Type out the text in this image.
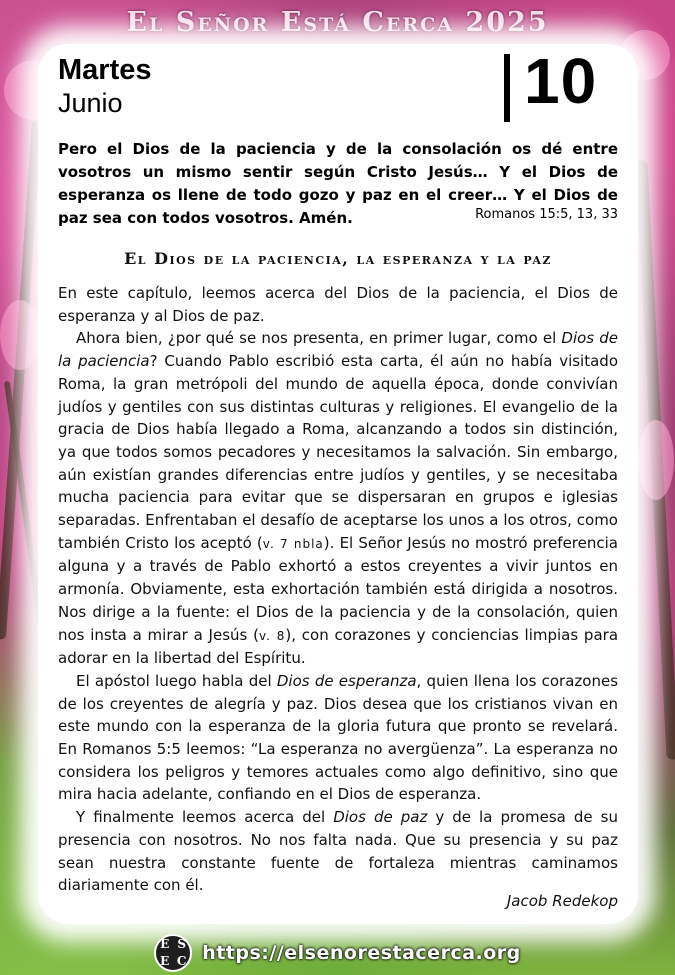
El Señor Está Cerca 2025
Martes
Junio	10
Pero el Dios de la paciencia y de la consolación os dé entre vosotros un mismo sentir según Cristo Jesús… Y el Dios de esperanza os llene de todo gozo y paz en el creer… Y el Dios de paz sea con todos vosotros. Amén.	Romanos 15:5, 13, 33
El Dios de la paciencia, la esperanza y la paz

En este capítulo, leemos acerca del Dios de la paciencia, el Dios de esperanza y al Dios de paz.

Ahora bien, ¿por qué se nos presenta, en primer lugar, como el Dios de la paciencia? Cuando Pablo escribió esta carta, él aún no había visitado Roma, la gran metrópoli del mundo de aquella época, donde convivían judíos y gentiles con sus distintas culturas y religiones. El evangelio de la gracia de Dios había llegado a Roma, alcanzando a todos sin distinción, ya que todos somos pecadores y necesitamos la salvación. Sin embargo, aún existían grandes diferencias entre judíos y gentiles, y se necesitaba mucha paciencia para evitar que se dispersaran en grupos e iglesias separadas. Enfrentaban el desafío de aceptarse los unos a los otros, como también Cristo los aceptó (v. 7 nbla). El Señor Jesús no mostró preferencia alguna y a través de Pablo exhortó a estos creyentes a vivir juntos en armonía. Obviamente, esta exhortación también está dirigida a nosotros. Nos dirige a la fuente: el Dios de la paciencia y de la consolación, quien nos insta a mirar a Jesús (v. 8), con corazones y conciencias limpias para adorar en la libertad del Espíritu.

El apóstol luego habla del Dios de esperanza, quien llena los corazones de los creyentes de alegría y paz. Dios desea que los cristianos vivan en este mundo con la esperanza de la gloria futura que pronto se revelará. En Romanos 5:5 leemos: “La esperanza no avergüenza”. La esperanza no considera los peligros y temores actuales como algo definitivo, sino que mira hacia adelante, confiando en el Dios de esperanza.

Y finalmente leemos acerca del Dios de paz y de la promesa de su presencia con nosotros. No nos falta nada. Que su presencia y su paz sean nuestra constante fuente de fortaleza mientras caminamos diariamente con él.

Jacob Redekop
E S
E C https://elsenorestacerca.org
